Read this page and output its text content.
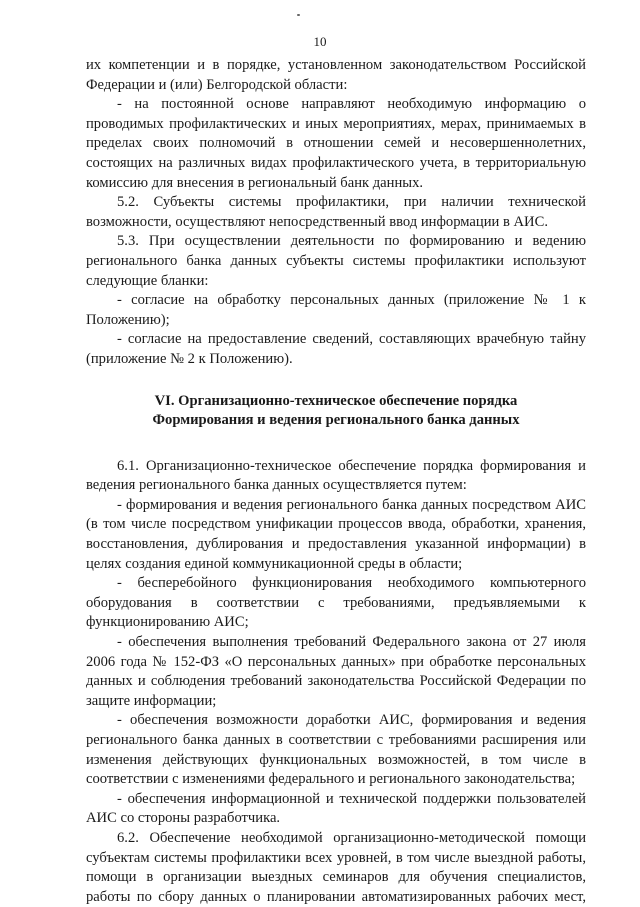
10

их компетенции и в порядке, установленном законодательством Российской Федерации и (или) Белгородской области:

- на постоянной основе направляют необходимую информацию о проводимых профилактических и иных мероприятиях, мерах, принимаемых в пределах своих полномочий в отношении семей и несовершеннолетних, состоящих на различных видах профилактического учета, в территориальную комиссию для внесения в региональный банк данных.

5.2. Субъекты системы профилактики, при наличии технической возможности, осуществляют непосредственный ввод информации в АИС.

5.3. При осуществлении деятельности по формированию и ведению регионального банка данных субъекты системы профилактики используют следующие бланки:

- согласие на обработку персональных данных (приложение № 1 к Положению);

- согласие на предоставление сведений, составляющих врачебную тайну (приложение № 2 к Положению).

VI. Организационно-техническое обеспечение порядка
Формирования и ведения регионального банка данных

6.1. Организационно-техническое обеспечение порядка формирования и ведения регионального банка данных осуществляется путем:

- формирования и ведения регионального банка данных посредством АИС (в том числе посредством унификации процессов ввода, обработки, хранения, восстановления, дублирования и предоставления указанной информации) в целях создания единой коммуникационной среды в области;

- бесперебойного функционирования необходимого компьютерного оборудования в соответствии с требованиями, предъявляемыми к функционированию АИС;

- обеспечения выполнения требований Федерального закона от 27 июля 2006 года № 152-ФЗ «О персональных данных» при обработке персональных данных и соблюдения требований законодательства Российской Федерации по защите информации;

- обеспечения возможности доработки АИС, формирования и ведения регионального банка данных в соответствии с требованиями расширения или изменения действующих функциональных возможностей, в том числе в соответствии с изменениями федерального и регионального законодательства;

- обеспечения информационной и технической поддержки пользователей АИС со стороны разработчика.

6.2. Обеспечение необходимой организационно-методической помощи субъектам системы профилактики всех уровней, в том числе выездной работы, помощи в организации выездных семинаров для обучения специалистов, работы по сбору данных о планировании автоматизированных рабочих мест,
